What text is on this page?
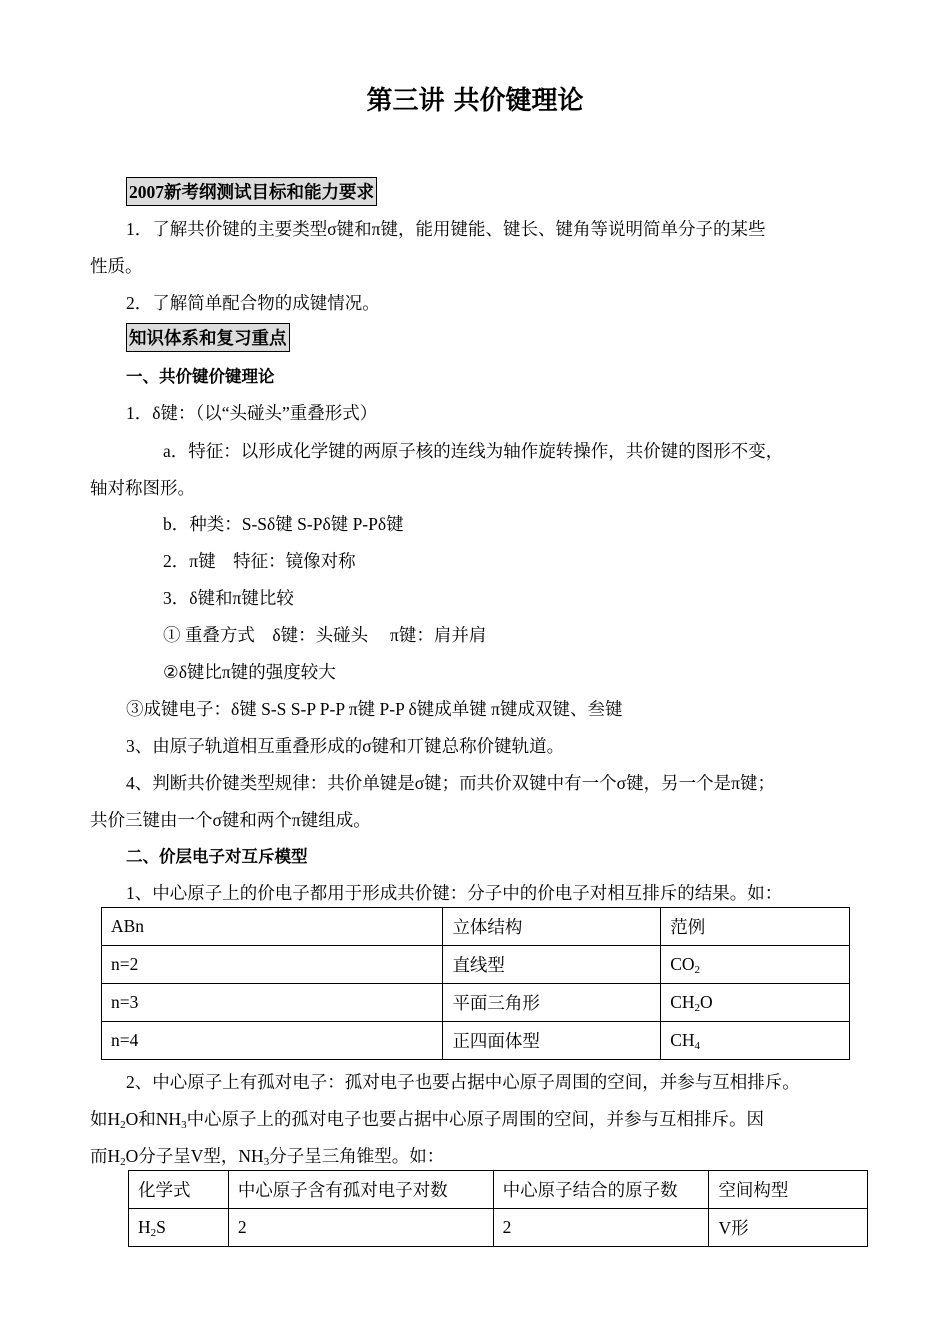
第三讲 共价键理论
2007新考纲测试目标和能力要求
1．了解共价键的主要类型σ键和π键，能用键能、键长、键角等说明简单分子的某些
性质。
2．了解简单配合物的成键情况。
知识体系和复习重点
一、共价键价键理论
1．δ键：（以“头碰头”重叠形式）
a．特征：以形成化学键的两原子核的连线为轴作旋转操作，共价键的图形不变，
轴对称图形。
b．种类：S-Sδ键 S-Pδ键 P-Pδ键
2．π键　特征：镜像对称
3．δ键和π键比较
① 重叠方式　δ键：头碰头　 π键：肩并肩
②δ键比π键的强度较大
③成键电子：δ键 S-S S-P P-P π键 P-P δ键成单键 π键成双键、叁键
3、由原子轨道相互重叠形成的σ键和丌键总称价键轨道。
4、判断共价键类型规律：共价单键是σ键；而共价双键中有一个σ键，另一个是π键；
共价三键由一个σ键和两个π键组成。
二、价层电子对互斥模型
1、中心原子上的价电子都用于形成共价键：分子中的价电子对相互排斥的结果。如：
ABn	立体结构	范例
n=2	直线型	$CO_2$
n=3	平面三角形	$CH_2O$
n=4	正四面体型	$CH_4$
2、中心原子上有孤对电子：孤对电子也要占据中心原子周围的空间，并参与互相排斥。
如$H_2O$和$NH_3$中心原子上的孤对电子也要占据中心原子周围的空间，并参与互相排斥。因
而$H_2O$分子呈V型，$NH_3$分子呈三角锥型。如：
化学式	中心原子含有孤对电子对数	中心原子结合的原子数	空间构型
$H_2S$	2	2	V形
